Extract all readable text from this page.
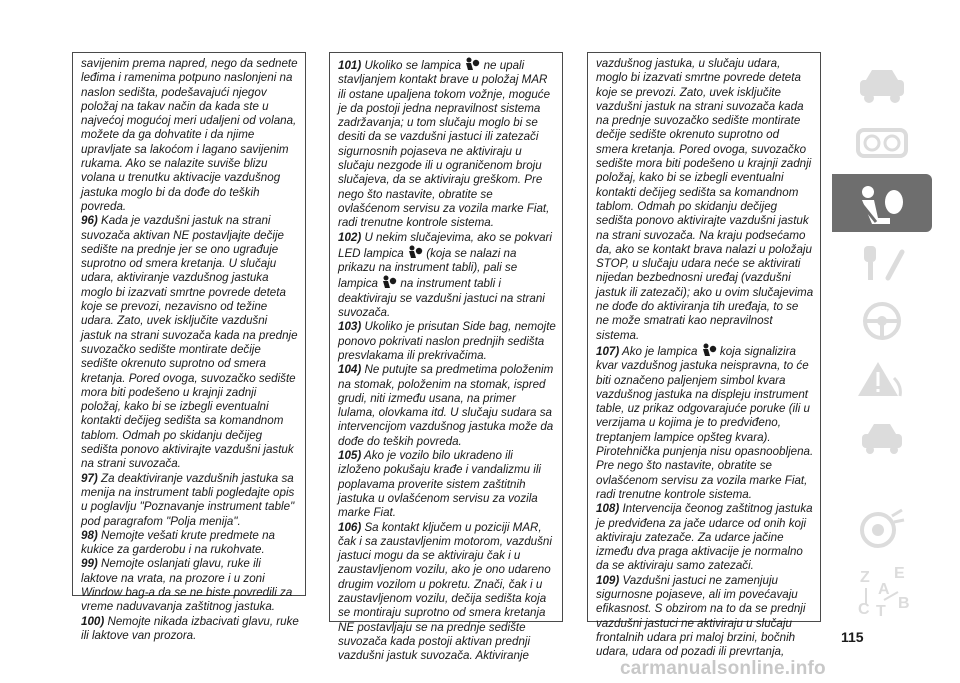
savijenim prema napred, nego da sednete leđima i ramenima potpuno naslonjeni na naslon sedišta, podešavajući njegov položaj na takav način da kada ste u najvećoj mogućoj meri udaljeni od volana, možete da ga dohvatite i da njime upravljate sa lakoćom i lagano savijenim rukama. Ako se nalazite suviše blizu volana u trenutku aktivacije vazdušnog jastuka moglo bi da dođe do teških povreda.

96) Kada je vazdušni jastuk na strani suvozača aktivan NE postavljajte dečije sedište na prednje jer se ono ugrađuje suprotno od smera kretanja. U slučaju udara, aktiviranje vazdušnog jastuka moglo bi izazvati smrtne povrede deteta koje se prevozi, nezavisno od težine udara. Zato, uvek isključite vazdušni jastuk na strani suvozača kada na prednje suvozačko sedište montirate dečije sedište okrenuto suprotno od smera kretanja. Pored ovoga, suvozačko sedište mora biti podešeno u krajnji zadnji položaj, kako bi se izbegli eventualni kontakti dečijeg sedišta sa komandnom tablom. Odmah po skidanju dečijeg sedišta ponovo aktivirajte vazdušni jastuk na strani suvozača.

97) Za deaktiviranje vazdušnih jastuka sa menija na instrument tabli pogledajte opis u poglavlju "Poznavanje instrument table" pod paragrafom "Polja menija".

98) Nemojte vešati krute predmete na kukice za garderobu i na rukohvate.

99) Nemojte oslanjati glavu, ruke ili laktove na vrata, na prozore i u zoni Window bag-a da se ne biste povredili za vreme naduvavanja zaštitnog jastuka.

100) Nemojte nikada izbacivati glavu, ruke ili laktove van prozora.

101) Ukoliko se lampica ne upali stavljanjem kontakt brave u položaj MAR ili ostane upaljena tokom vožnje, moguće je da postoji jedna nepravilnost sistema zadržavanja; u tom slučaju moglo bi se desiti da se vazdušni jastuci ili zatezači sigurnosnih pojaseva ne aktiviraju u slučaju nezgode ili u ograničenom broju slučajeva, da se aktiviraju greškom. Pre nego što nastavite, obratite se ovlašćenom servisu za vozila marke Fiat, radi trenutne kontrole sistema.

102) U nekim slučajevima, ako se pokvari LED lampica (koja se nalazi na prikazu na instrument tabli), pali se lampica na instrument tabli i deaktiviraju se vazdušni jastuci na strani suvozača.

103) Ukoliko je prisutan Side bag, nemojte ponovo pokrivati naslon prednjih sedišta presvlakama ili prekrivačima.

104) Ne putujte sa predmetima položenim na stomak, položenim na stomak, ispred grudi, niti između usana, na primer lulama, olovkama itd. U slučaju sudara sa intervencijom vazdušnog jastuka može da dođe do teških povreda.

105) Ako je vozilo bilo ukradeno ili izloženo pokušaju krađe i vandalizmu ili poplavama proverite sistem zaštitnih jastuka u ovlašćenom servisu za vozila marke Fiat.

106) Sa kontakt ključem u poziciji MAR, čak i sa zaustavljenim motorom, vazdušni jastuci mogu da se aktiviraju čak i u zaustavljenom vozilu, ako je ono udareno drugim vozilom u pokretu. Znači, čak i u zaustavljenom vozilu, dečija sedišta koja se montiraju suprotno od smera kretanja NE postavljaju se na prednje sedište suvozača kada postoji aktivan prednji vazdušni jastuk suvozača. Aktiviranje

vazdušnog jastuka, u slučaju udara, moglo bi izazvati smrtne povrede deteta koje se prevozi. Zato, uvek isključite vazdušni jastuk na strani suvozača kada na prednje suvozačko sedište montirate dečije sedište okrenuto suprotno od smera kretanja. Pored ovoga, suvozačko sedište mora biti podešeno u krajnji zadnji položaj, kako bi se izbegli eventualni kontakti dečijeg sedišta sa komandnom tablom. Odmah po skidanju dečijeg sedišta ponovo aktivirajte vazdušni jastuk na strani suvozača. Na kraju podsećamo da, ako se kontakt brava nalazi u položaju STOP, u slučaju udara neće se aktivirati nijedan bezbednosni uređaj (vazdušni jastuk ili zatezači); ako u ovim slučajevima ne dođe do aktiviranja tih uređaja, to se ne može smatrati kao nepravilnost sistema.

107) Ako je lampica koja signalizira kvar vazdušnog jastuka neispravna, to će biti označeno paljenjem simbol kvara vazdušnog jastuka na displeju instrument table, uz prikaz odgovarajuće poruke (ili u verzijama u kojima je to predviđeno, treptanjem lampice opšteg kvara). Pirotehnička punjenja nisu opasnoobljena. Pre nego što nastavite, obratite se ovlašćenom servisu za vozila marke Fiat, radi trenutne kontrole sistema.

108) Intervencija čeonog zaštitnog jastuka je predviđena za jače udarce od onih koji aktiviraju zatezače. Za udarce jačine između dva praga aktivacije je normalno da se aktiviraju samo zatezači.

109) Vazdušni jastuci ne zamenjuju sigurnosne pojaseve, ali im povećavaju efikasnost. S obzirom na to da se prednji vazdušni jastuci ne aktiviraju u slučaju frontalnih udara pri maloj brzini, bočnih udara, udara od pozadi ili prevrtanja,

Z E
A
C T B
115
carmanualsonline.info
